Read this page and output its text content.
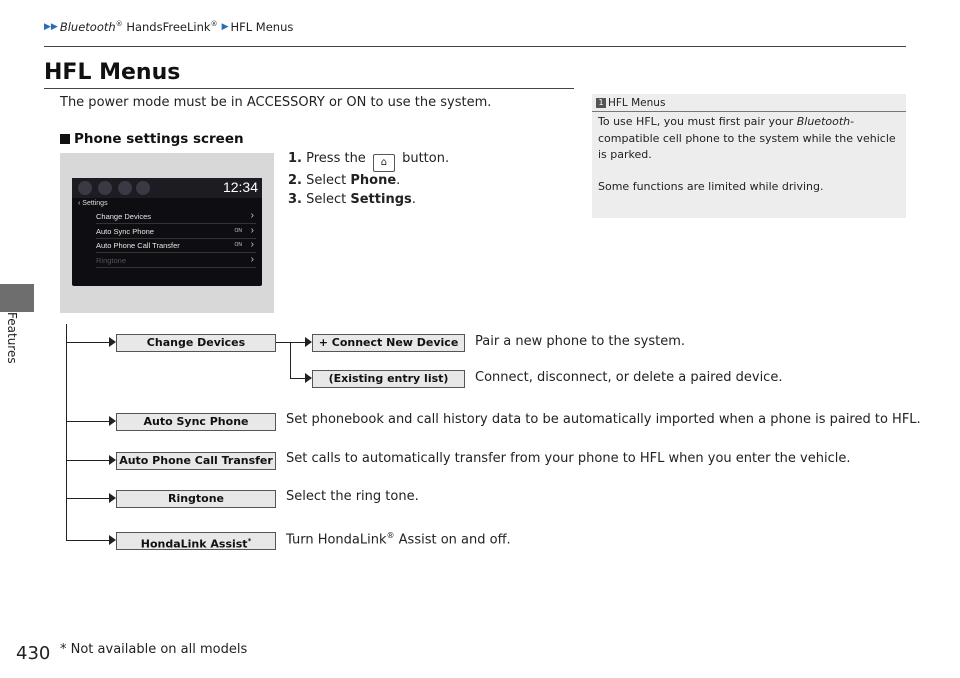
▶▶ Bluetooth® HandsFreeLink® ▶ HFL Menus
Features
HFL Menus
The power mode must be in ACCESSORY or ON to use the system.
Phone settings screen
12:34
‹ Settings
Change Devices	›
Auto Sync Phone	ON ›
Auto Phone Call Transfer	ON ›
Ringtone	›
1. Press the ⌂ button.
2. Select Phone.
3. Select Settings.
1 HFL Menus
To use HFL, you must first pair your Bluetooth-
compatible cell phone to the system while the vehicle
is parked.
Some functions are limited while driving.
Change Devices	+ Connect New Device	Pair a new phone to the system.
(Existing entry list)	Connect, disconnect, or delete a paired device.
Auto Sync Phone	Set phonebook and call history data to be automatically imported when a phone is paired to HFL.
Auto Phone Call Transfer Set calls to automatically transfer from your phone to HFL when you enter the vehicle.
Ringtone	Select the ring tone.
HondaLink Assist*	Turn HondaLink® Assist on and off.
430 * Not available on all models
